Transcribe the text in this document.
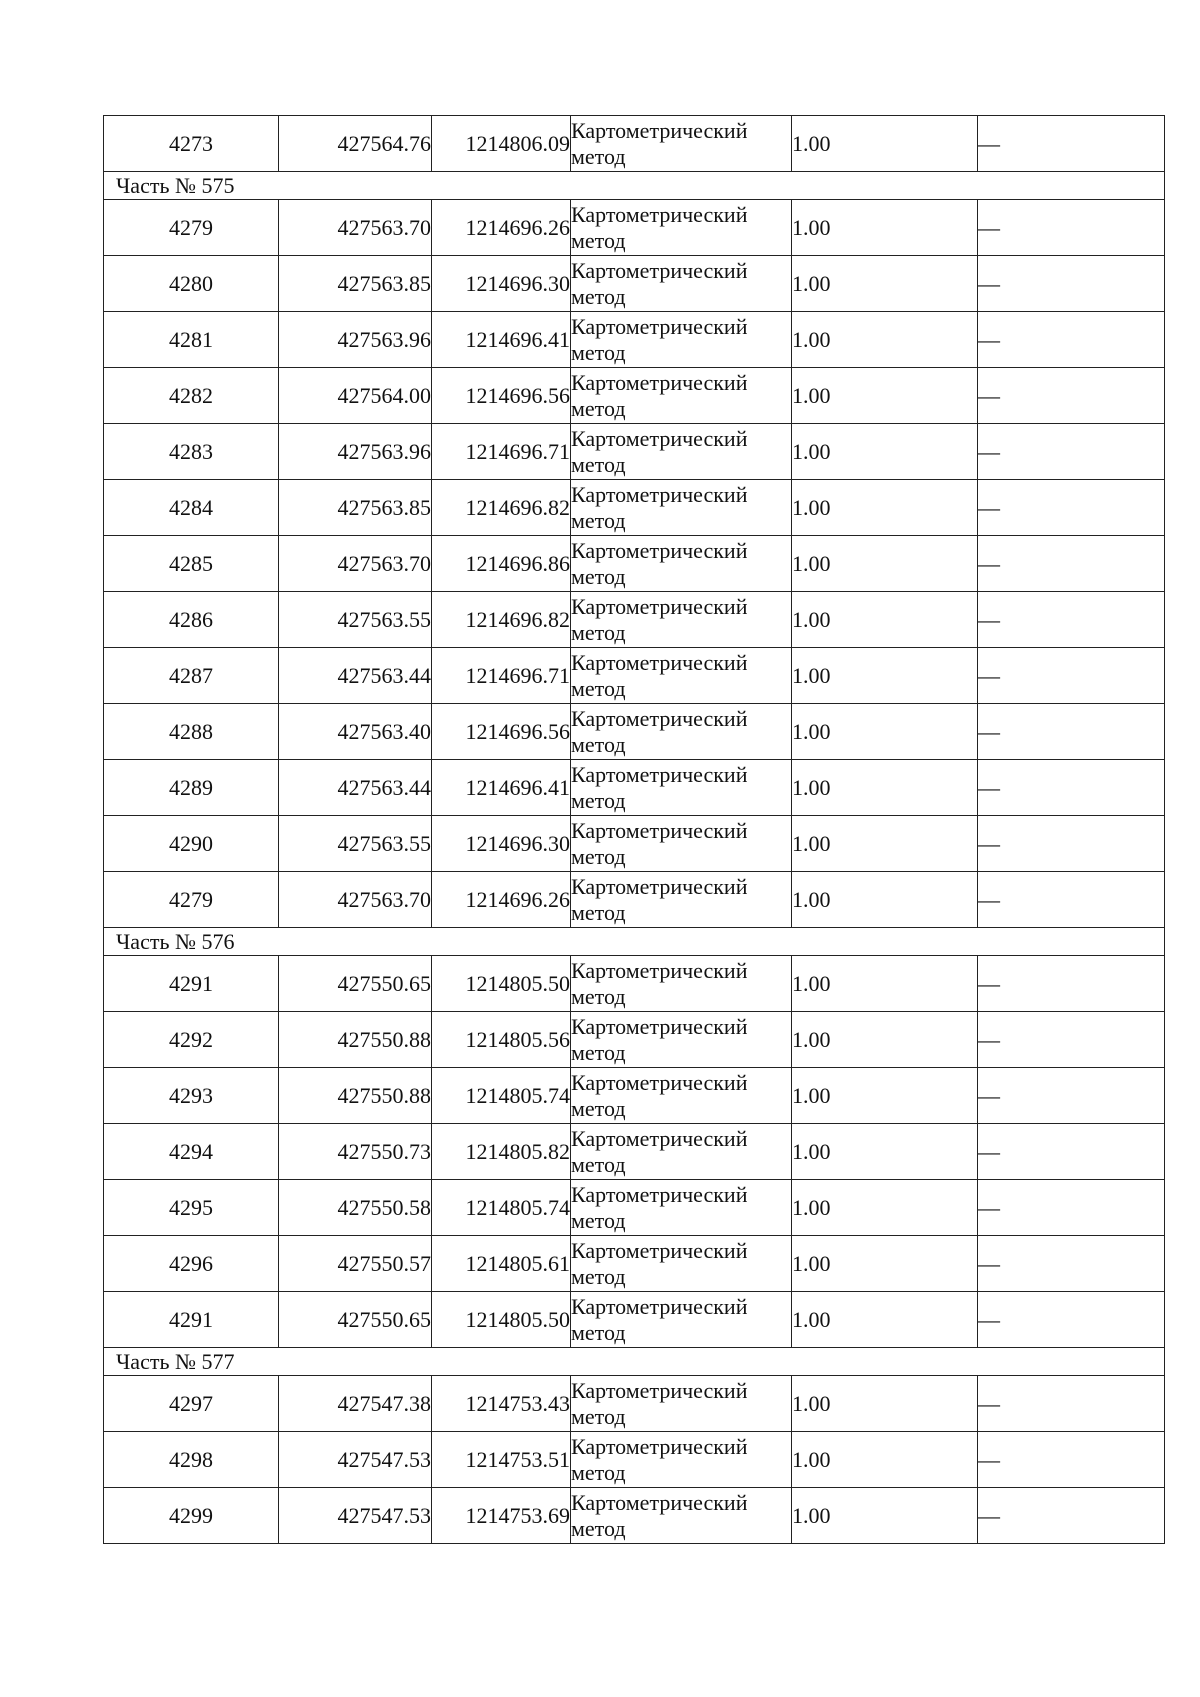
4273	427564.76	1214806.09	Картометрический
метод	1.00	—
Часть № 575					
4279	427563.70	1214696.26	Картометрический
метод	1.00	—
4280	427563.85	1214696.30	Картометрический
метод	1.00	—
4281	427563.96	1214696.41	Картометрический
метод	1.00	—
4282	427564.00	1214696.56	Картометрический
метод	1.00	—
4283	427563.96	1214696.71	Картометрический
метод	1.00	—
4284	427563.85	1214696.82	Картометрический
метод	1.00	—
4285	427563.70	1214696.86	Картометрический
метод	1.00	—
4286	427563.55	1214696.82	Картометрический
метод	1.00	—
4287	427563.44	1214696.71	Картометрический
метод	1.00	—
4288	427563.40	1214696.56	Картометрический
метод	1.00	—
4289	427563.44	1214696.41	Картометрический
метод	1.00	—
4290	427563.55	1214696.30	Картометрический
метод	1.00	—
4279	427563.70	1214696.26	Картометрический
метод	1.00	—
Часть № 576					
4291	427550.65	1214805.50	Картометрический
метод	1.00	—
4292	427550.88	1214805.56	Картометрический
метод	1.00	—
4293	427550.88	1214805.74	Картометрический
метод	1.00	—
4294	427550.73	1214805.82	Картометрический
метод	1.00	—
4295	427550.58	1214805.74	Картометрический
метод	1.00	—
4296	427550.57	1214805.61	Картометрический
метод	1.00	—
4291	427550.65	1214805.50	Картометрический
метод	1.00	—
Часть № 577					
4297	427547.38	1214753.43	Картометрический
метод	1.00	—
4298	427547.53	1214753.51	Картометрический
метод	1.00	—
4299	427547.53	1214753.69	Картометрический
метод	1.00	—
